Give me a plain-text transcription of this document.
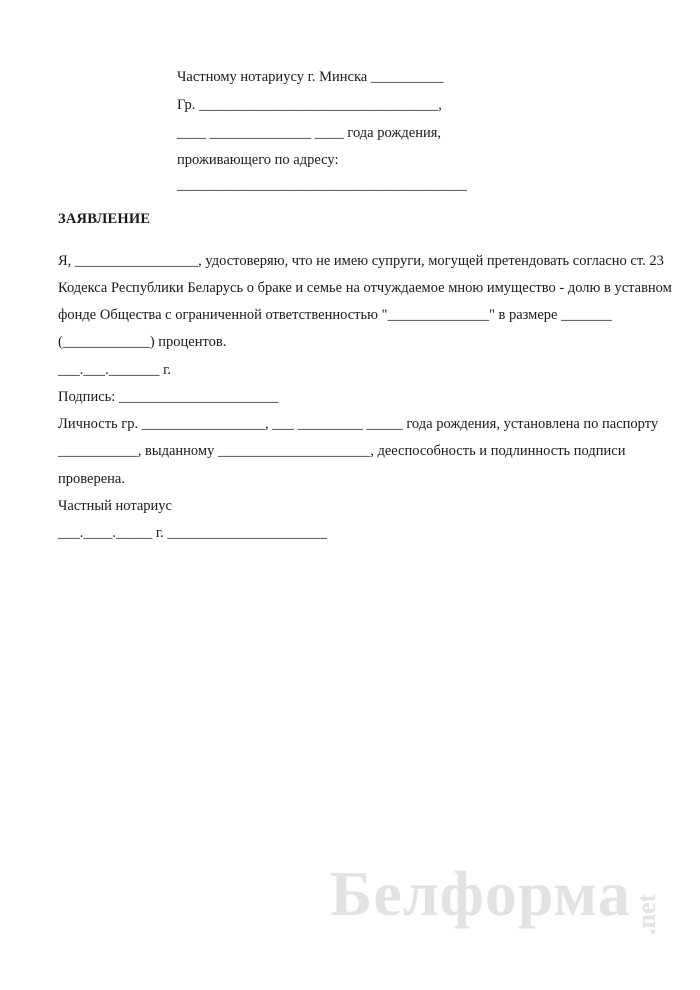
Частному нотариусу г. Минска __________
Гр. _________________________________,
____ ______________ ____ года рождения,
проживающего по адресу:
________________________________________
ЗАЯВЛЕНИЕ
Я, _________________, удостоверяю, что не имею супруги, могущей претендовать согласно ст. 23
Кодекса Республики Беларусь о браке и семье на отчуждаемое мною имущество - долю в уставном
фонде Общества с ограниченной ответственностью "______________" в размере _______
(____________) процентов.
___.___._______ г.
Подпись: ______________________
Личность гр. _________________, ___ _________ _____ года рождения, установлена по паспорту
___________, выданному _____________________, дееспособность и подлинность подписи
проверена.
Частный нотариус
___.____._____ г. ______________________
Белформа .net
